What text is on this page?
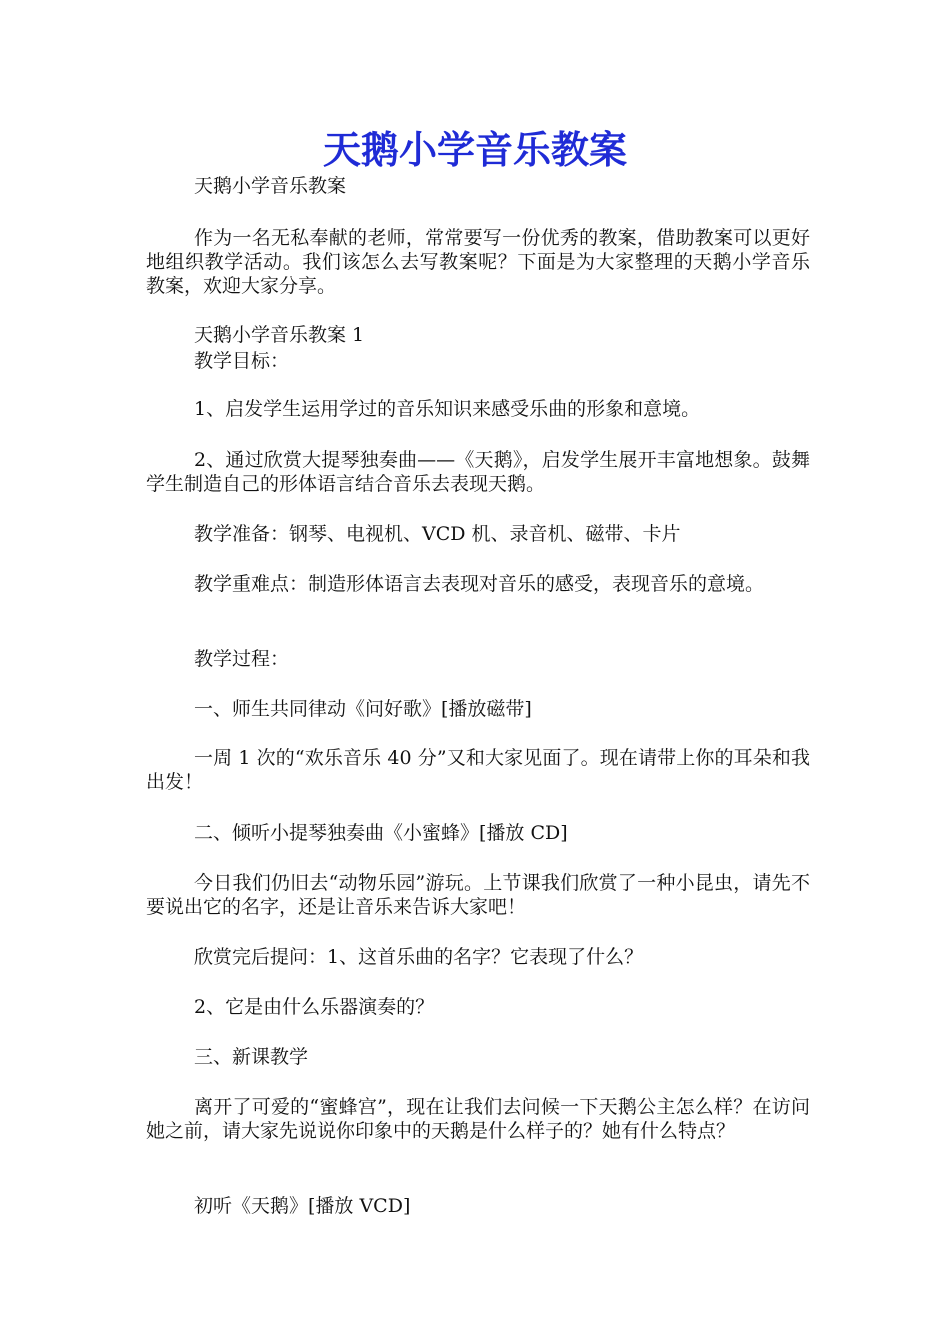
天鹅小学音乐教案

天鹅小学音乐教案

作为一名无私奉献的老师，常常要写一份优秀的教案，借助教案可以更好地组织教学活动。我们该怎么去写教案呢？下面是为大家整理的天鹅小学音乐教案，欢迎大家分享。

天鹅小学音乐教案 1

教学目标：

1、启发学生运用学过的音乐知识来感受乐曲的形象和意境。

2、通过欣赏大提琴独奏曲——《天鹅》，启发学生展开丰富地想象。鼓舞学生制造自己的形体语言结合音乐去表现天鹅。

教学准备：钢琴、电视机、VCD 机、录音机、磁带、卡片

教学重难点：制造形体语言去表现对音乐的感受，表现音乐的意境。

教学过程：

一、师生共同律动《问好歌》[播放磁带]

一周 1 次的“欢乐音乐 40 分”又和大家见面了。现在请带上你的耳朵和我出发！

二、倾听小提琴独奏曲《小蜜蜂》[播放 CD]

今日我们仍旧去“动物乐园”游玩。上节课我们欣赏了一种小昆虫，请先不要说出它的名字，还是让音乐来告诉大家吧！

欣赏完后提问：1、这首乐曲的名字？它表现了什么？

2、它是由什么乐器演奏的？

三、新课教学

离开了可爱的“蜜蜂宫”，现在让我们去问候一下天鹅公主怎么样？在访问她之前，请大家先说说你印象中的天鹅是什么样子的？她有什么特点？

初听《天鹅》[播放 VCD]
